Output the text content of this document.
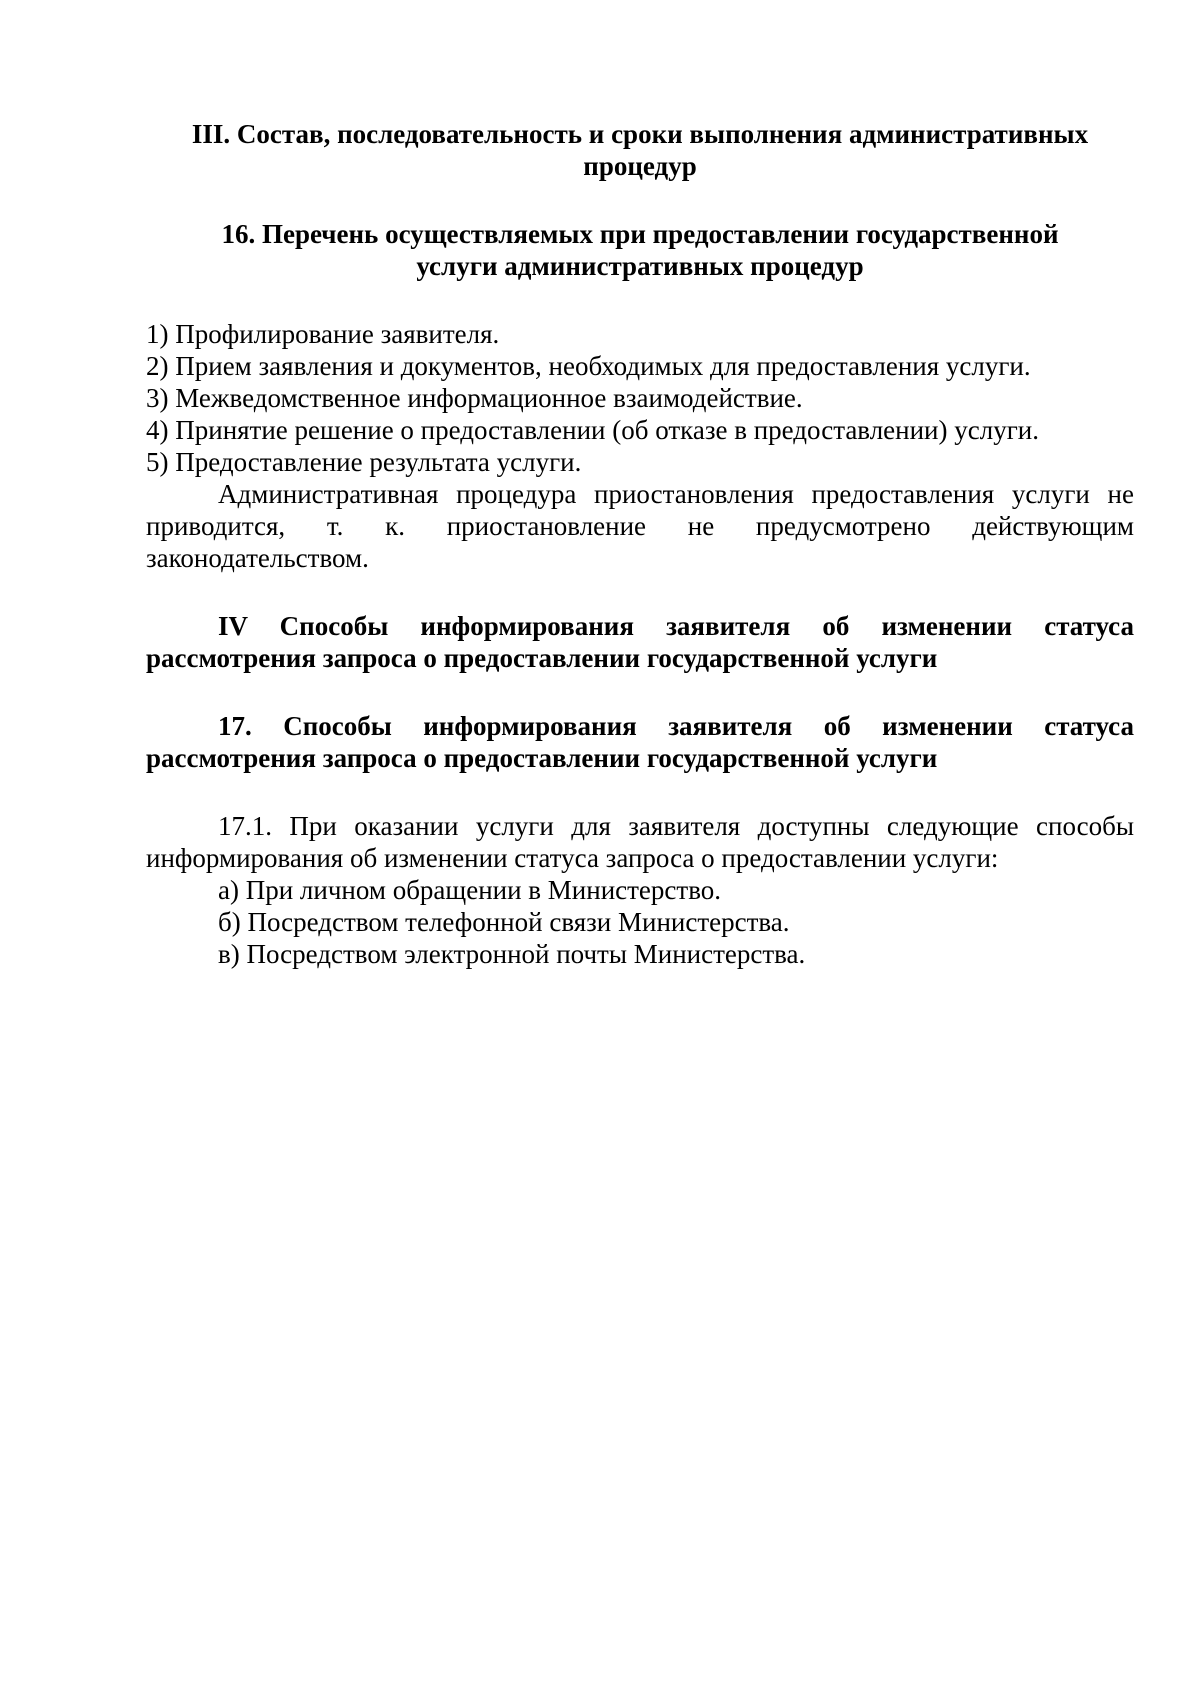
III. Состав, последовательность и сроки выполнения административных
процедур
16. Перечень осуществляемых при предоставлении государственной
услуги административных процедур
1) Профилирование заявителя.
2) Прием заявления и документов, необходимых для предоставления услуги.
3) Межведомственное информационное взаимодействие.
4) Принятие решение о предоставлении (об отказе в предоставлении) услуги.
5) Предоставление результата услуги.

Административная процедура приостановления предоставления услуги не приводится, т. к. приостановление не предусмотрено действующим законодательством.

IV Способы информирования заявителя об изменении статуса рассмотрения запроса о предоставлении государственной услуги

17. Способы информирования заявителя об изменении статуса рассмотрения запроса о предоставлении государственной услуги

17.1. При оказании услуги для заявителя доступны следующие способы информирования об изменении статуса запроса о предоставлении услуги:

а) При личном обращении в Министерство.
б) Посредством телефонной связи Министерства.
в) Посредством электронной почты Министерства.
